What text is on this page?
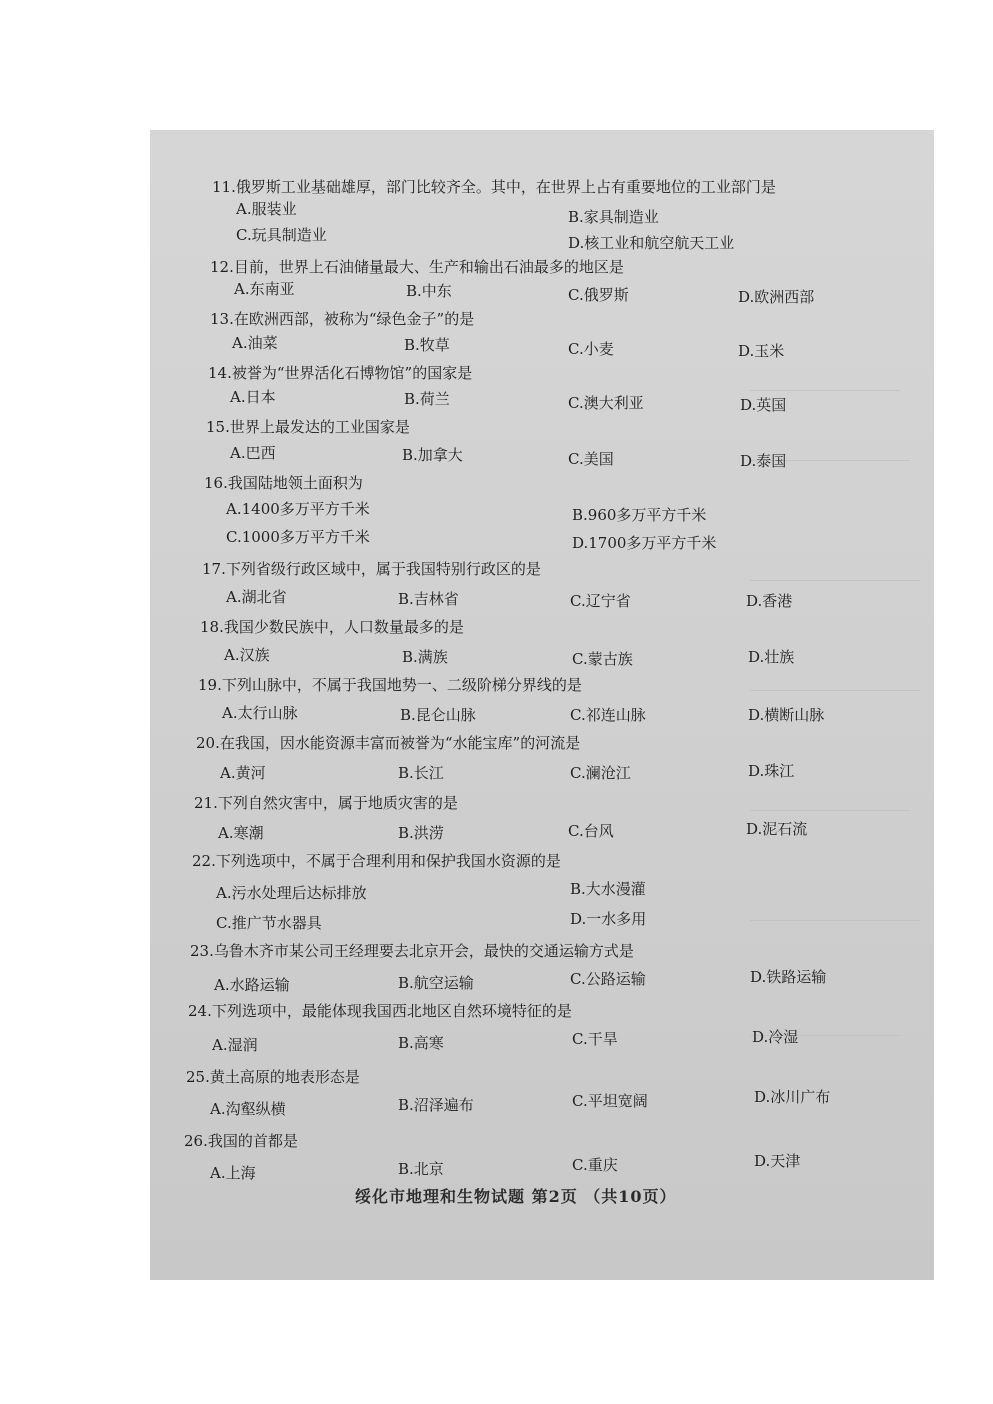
11.俄罗斯工业基础雄厚，部门比较齐全。其中，在世界上占有重要地位的工业部门是
A.服装业	B.家具制造业
C.玩具制造业	D.核工业和航空航天工业
12.目前，世界上石油储量最大、生产和输出石油最多的地区是
A.东南亚	B.中东	C.俄罗斯	D.欧洲西部
13.在欧洲西部，被称为“绿色金子”的是
A.油菜	B.牧草	C.小麦	D.玉米
14.被誉为“世界活化石博物馆”的国家是
A.日本	B.荷兰	C.澳大利亚	D.英国
15.世界上最发达的工业国家是
A.巴西	B.加拿大	C.美国	D.泰国
16.我国陆地领土面积为
A.1400多万平方千米	B.960多万平方千米
C.1000多万平方千米	D.1700多万平方千米
17.下列省级行政区域中，属于我国特别行政区的是
A.湖北省	B.吉林省	C.辽宁省	D.香港
18.我国少数民族中，人口数量最多的是
A.汉族	B.满族	C.蒙古族	D.壮族
19.下列山脉中，不属于我国地势一、二级阶梯分界线的是
A.太行山脉	B.昆仑山脉	C.祁连山脉	D.横断山脉
20.在我国，因水能资源丰富而被誉为“水能宝库”的河流是
A.黄河	B.长江	C.澜沧江	D.珠江
21.下列自然灾害中，属于地质灾害的是
A.寒潮	B.洪涝	C.台风	D.泥石流
22.下列选项中，不属于合理利用和保护我国水资源的是
A.污水处理后达标排放	B.大水漫灌
C.推广节水器具	D.一水多用
23.乌鲁木齐市某公司王经理要去北京开会，最快的交通运输方式是
A.水路运输	B.航空运输	C.公路运输	D.铁路运输
24.下列选项中，最能体现我国西北地区自然环境特征的是
A.湿润	B.高寒	C.干旱	D.冷湿
25.黄土高原的地表形态是
A.沟壑纵横	B.沼泽遍布	C.平坦宽阔	D.冰川广布
26.我国的首都是
A.上海	B.北京	C.重庆	D.天津
绥化市地理和生物试题 第2页 （共10页）
